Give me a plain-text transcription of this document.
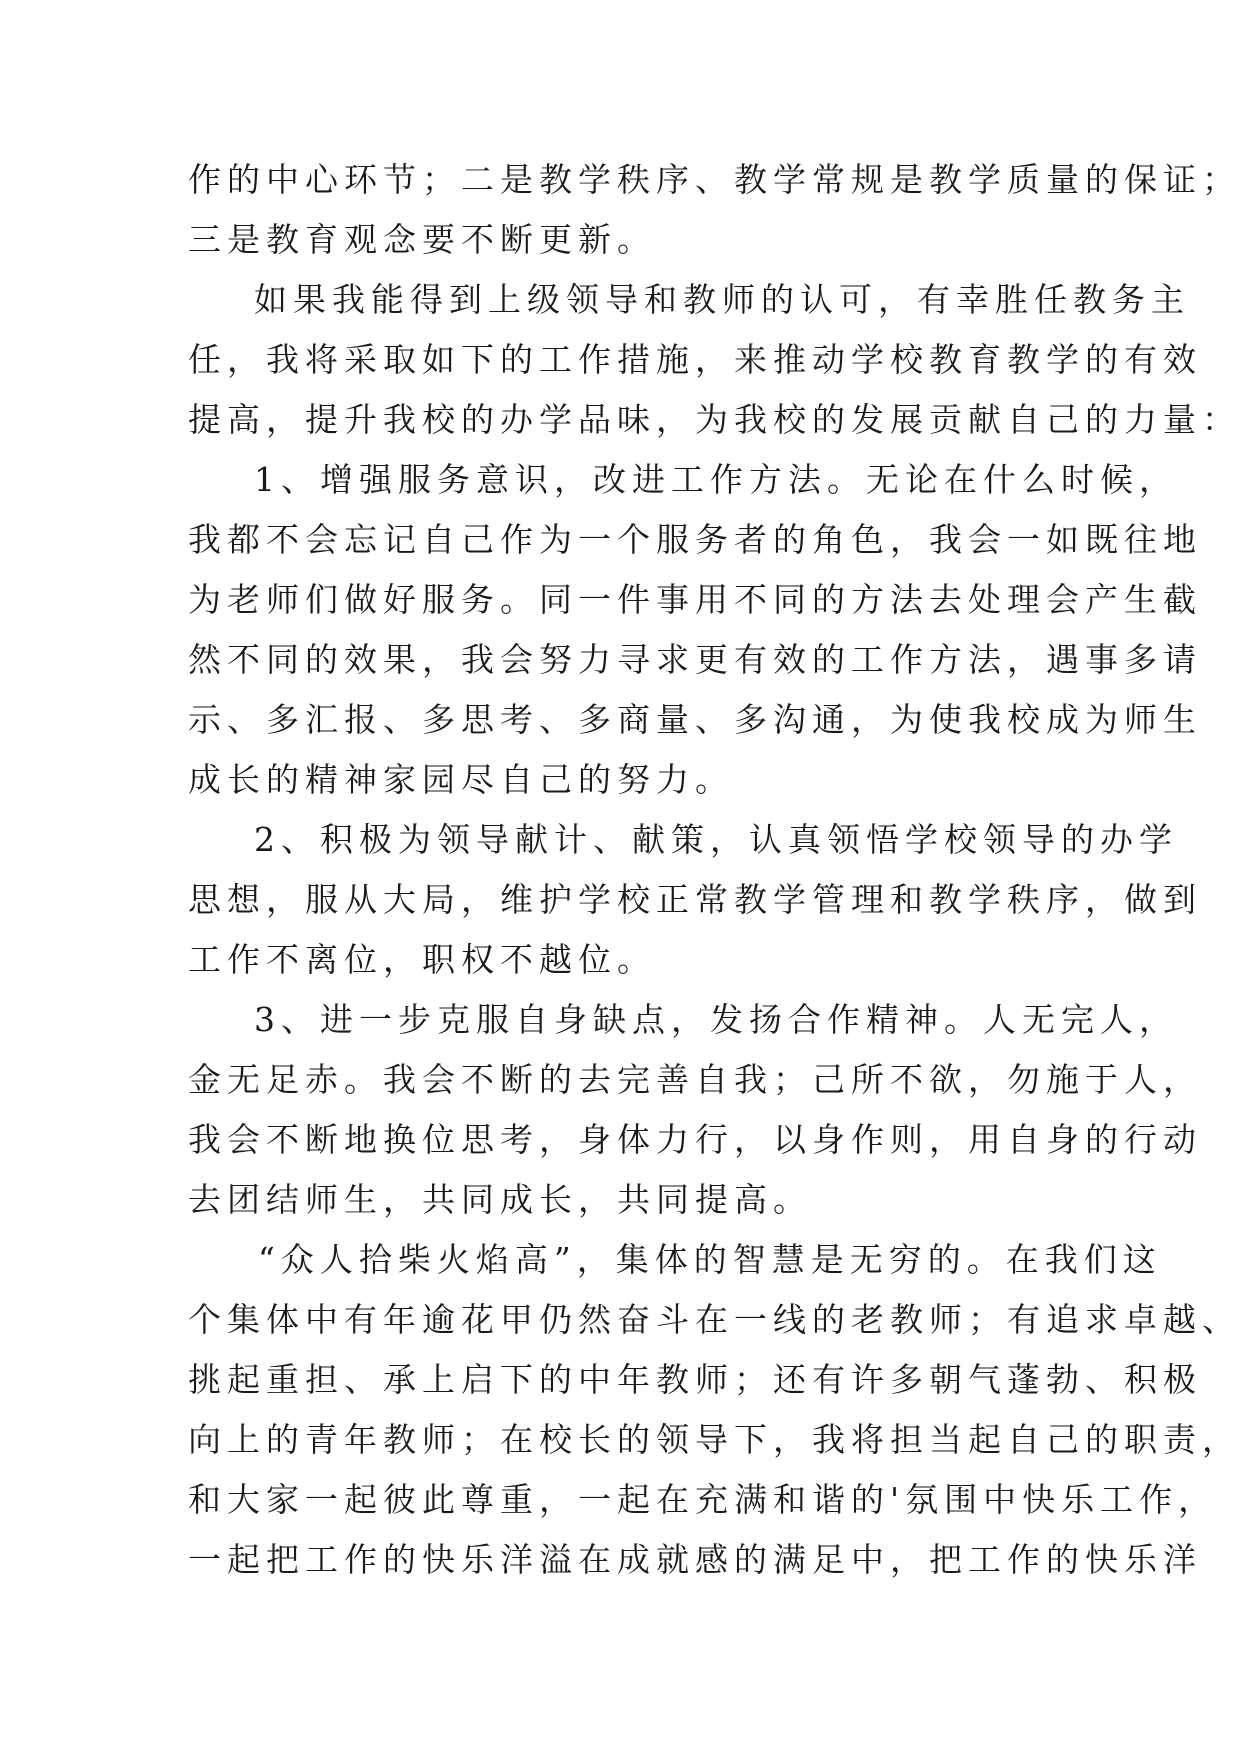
作的中心环节；二是教学秩序、教学常规是教学质量的保证；
三是教育观念要不断更新。
如果我能得到上级领导和教师的认可，有幸胜任教务主
任，我将采取如下的工作措施，来推动学校教育教学的有效
提高，提升我校的办学品味，为我校的发展贡献自己的力量：
1、增强服务意识，改进工作方法。无论在什么时候，
我都不会忘记自己作为一个服务者的角色，我会一如既往地
为老师们做好服务。同一件事用不同的方法去处理会产生截
然不同的效果，我会努力寻求更有效的工作方法，遇事多请
示、多汇报、多思考、多商量、多沟通，为使我校成为师生
成长的精神家园尽自己的努力。
2、积极为领导献计、献策，认真领悟学校领导的办学
思想，服从大局，维护学校正常教学管理和教学秩序，做到
工作不离位，职权不越位。
3、进一步克服自身缺点，发扬合作精神。人无完人，
金无足赤。我会不断的去完善自我；己所不欲，勿施于人，
我会不断地换位思考，身体力行，以身作则，用自身的行动
去团结师生，共同成长，共同提高。
“众人拾柴火焰高”，集体的智慧是无穷的。在我们这
个集体中有年逾花甲仍然奋斗在一线的老教师；有追求卓越、
挑起重担、承上启下的中年教师；还有许多朝气蓬勃、积极
向上的青年教师；在校长的领导下，我将担当起自己的职责，
和大家一起彼此尊重，一起在充满和谐的'氛围中快乐工作，
一起把工作的快乐洋溢在成就感的满足中，把工作的快乐洋
